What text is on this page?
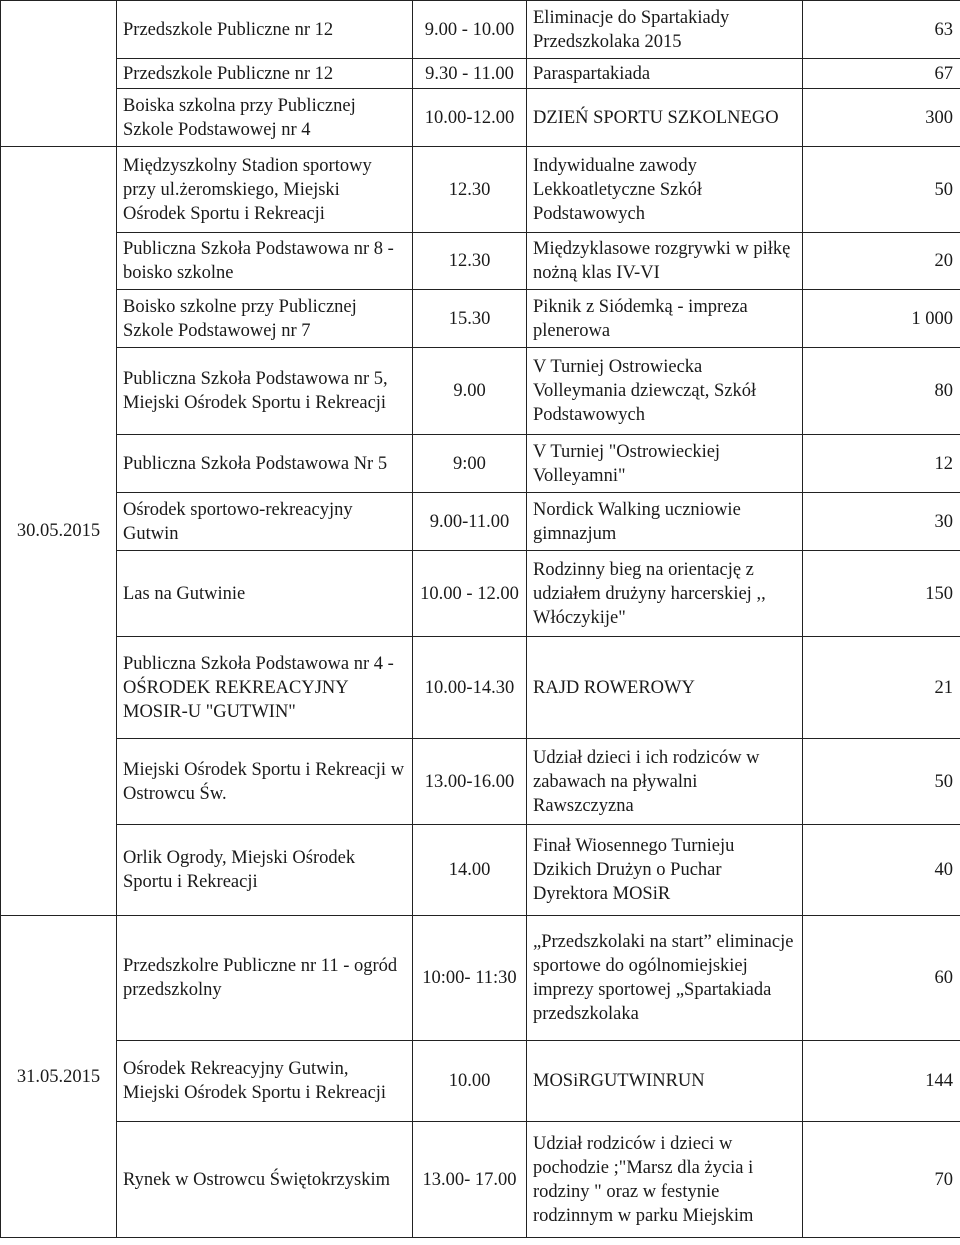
	Przedszkole Publiczne nr 12	9.00 - 10.00	Eliminacje do Spartakiady Przedszkolaka 2015	63
	Przedszkole Publiczne nr 12	9.30 - 11.00	Paraspartakiada	67
	Boiska szkolna przy Publicznej Szkole Podstawowej nr 4	10.00-12.00	DZIEŃ SPORTU SZKOLNEGO	300
30.05.2015	Międzyszkolny Stadion sportowy przy ul.żeromskiego, Miejski Ośrodek Sportu i Rekreacji	12.30	Indywidualne zawody Lekkoatletyczne Szkół Podstawowych	50
	Publiczna Szkoła Podstawowa nr 8 - boisko szkolne	12.30	Międzyklasowe rozgrywki w piłkę nożną klas IV-VI	20
	Boisko szkolne przy Publicznej Szkole Podstawowej nr 7	15.30	Piknik z Siódemką - impreza plenerowa	1 000
	Publiczna Szkoła Podstawowa nr 5, Miejski Ośrodek Sportu i Rekreacji	9.00	V Turniej Ostrowiecka Volleymania dziewcząt, Szkół Podstawowych	80
	Publiczna Szkoła Podstawowa Nr 5	9:00	V Turniej "Ostrowieckiej Volleyamni"	12
	Ośrodek sportowo-rekreacyjny Gutwin	9.00-11.00	Nordick Walking uczniowie gimnazjum	30
	Las na Gutwinie	10.00 - 12.00	Rodzinny bieg na orientację z udziałem drużyny harcerskiej ,, Włóczykije"	150
	Publiczna Szkoła Podstawowa nr 4 - OŚRODEK REKREACYJNY MOSIR-U "GUTWIN"	10.00-14.30	RAJD ROWEROWY	21
	Miejski Ośrodek Sportu i Rekreacji w Ostrowcu Św.	13.00-16.00	Udział dzieci i ich rodziców w zabawach na pływalni Rawszczyzna	50
	Orlik Ogrody, Miejski Ośrodek Sportu i Rekreacji	14.00	Finał Wiosennego Turnieju Dzikich Drużyn o Puchar Dyrektora MOSiR	40
31.05.2015	Przedszkolre Publiczne nr 11 - ogród przedszkolny	10:00- 11:30	„Przedszkolaki na start” eliminacje sportowe do ogólnomiejskiej imprezy sportowej „Spartakiada przedszkolaka	60
	Ośrodek Rekreacyjny Gutwin, Miejski Ośrodek Sportu i Rekreacji	10.00	MOSiRGUTWINRUN	144
	Rynek w Ostrowcu Świętokrzyskim	13.00- 17.00	Udział rodziców i dzieci w pochodzie ;"Marsz dla życia i rodziny " oraz w festynie rodzinnym w parku Miejskim	70
